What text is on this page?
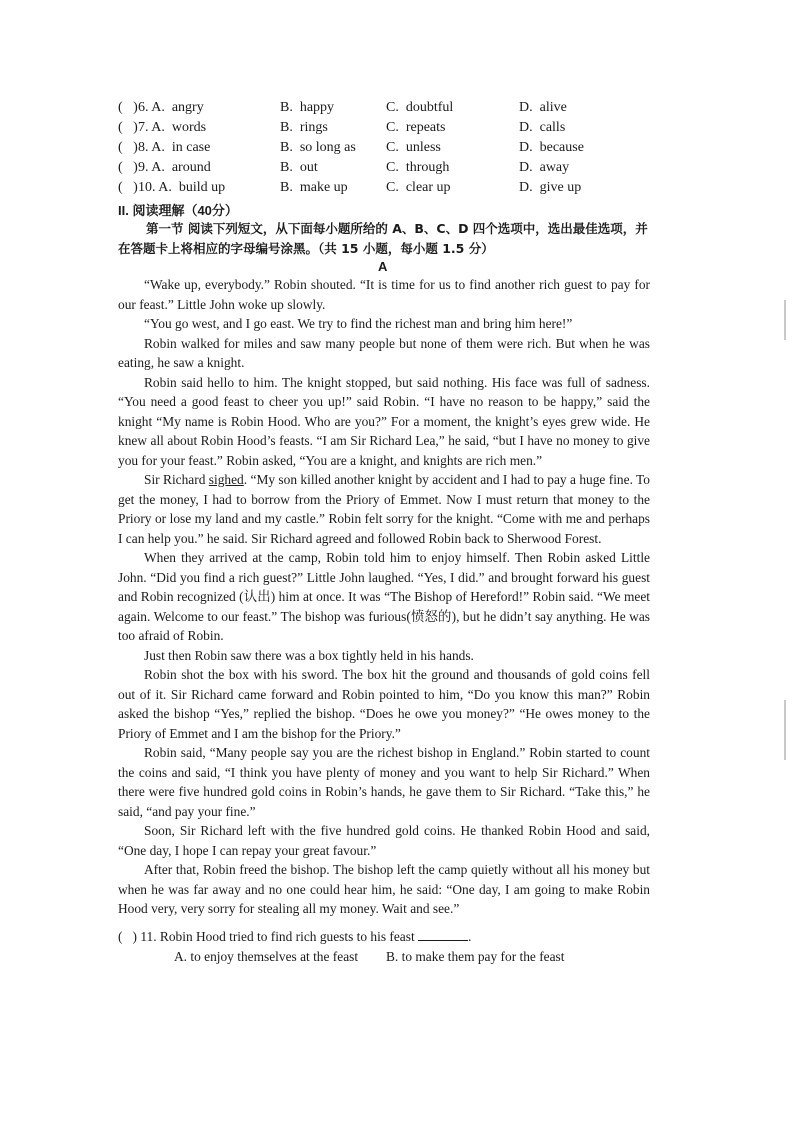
(   ) 6. A.  angry	B.  happy	C.  doubtful	D.  alive
(   ) 7. A.  words	B.  rings	C.  repeats	D.  calls
(   ) 8. A.  in case	B.  so long as C.  unless	D.  because
(   ) 9. A.  around	B.  out	C.  through	D.  away
(   ) 10. A.  build up	B.  make up	C.  clear up	D.  give up
II. 阅读理解（40分）
第一节 阅读下列短文，从下面每小题所给的 A、B、C、D 四个选项中，选出最佳选项，并在答题卡上将相应的字母编号涂黑。（共 15 小题，每小题 1.5 分）
A

“Wake up, everybody.” Robin shouted. “It is time for us to find another rich guest to pay for our feast.” Little John woke up slowly.

“You go west, and I go east. We try to find the richest man and bring him here!”

Robin walked for miles and saw many people but none of them were rich. But when he was eating, he saw a knight.

Robin said hello to him. The knight stopped, but said nothing. His face was full of sadness. “You need a good feast to cheer you up!” said Robin. “I have no reason to be happy,” said the knight “My name is Robin Hood. Who are you?” For a moment, the knight’s eyes grew wide. He knew all about Robin Hood’s feasts. “I am Sir Richard Lea,” he said, “but I have no money to give you for your feast.” Robin asked, “You are a knight, and knights are rich men.”

Sir Richard sighed. “My son killed another knight by accident and I had to pay a huge fine. To get the money, I had to borrow from the Priory of Emmet. Now I must return that money to the Priory or lose my land and my castle.” Robin felt sorry for the knight. “Come with me and perhaps I can help you.” he said. Sir Richard agreed and followed Robin back to Sherwood Forest.

When they arrived at the camp, Robin told him to enjoy himself. Then Robin asked Little John. “Did you find a rich guest?” Little John laughed. “Yes, I did.” and brought forward his guest and Robin recognized (认出) him at once. It was “The Bishop of Hereford!” Robin said. “We meet again. Welcome to our feast.” The bishop was furious(愤怒的), but he didn’t say anything. He was too afraid of Robin.

Just then Robin saw there was a box tightly held in his hands.

Robin shot the box with his sword. The box hit the ground and thousands of gold coins fell out of it. Sir Richard came forward and Robin pointed to him, “Do you know this man?” Robin asked the bishop “Yes,” replied the bishop. “Does he owe you money?” “He owes money to the Priory of Emmet and I am the bishop for the Priory.”

Robin said, “Many people say you are the richest bishop in England.” Robin started to count the coins and said, “I think you have plenty of money and you want to help Sir Richard.” When there were five hundred gold coins in Robin’s hands, he gave them to Sir Richard. “Take this,” he said, “and pay your fine.”

Soon, Sir Richard left with the five hundred gold coins. He thanked Robin Hood and said, “One day, I hope I can repay your great favour.”

After that, Robin freed the bishop. The bishop left the camp quietly without all his money but when he was far away and no one could hear him, he said: “One day, I am going to make Robin Hood very, very sorry for stealing all my money. Wait and see.”

(   ) 11. Robin Hood tried to find rich guests to his feast	.
A. to enjoy themselves at the feast B. to make them pay for the feast
